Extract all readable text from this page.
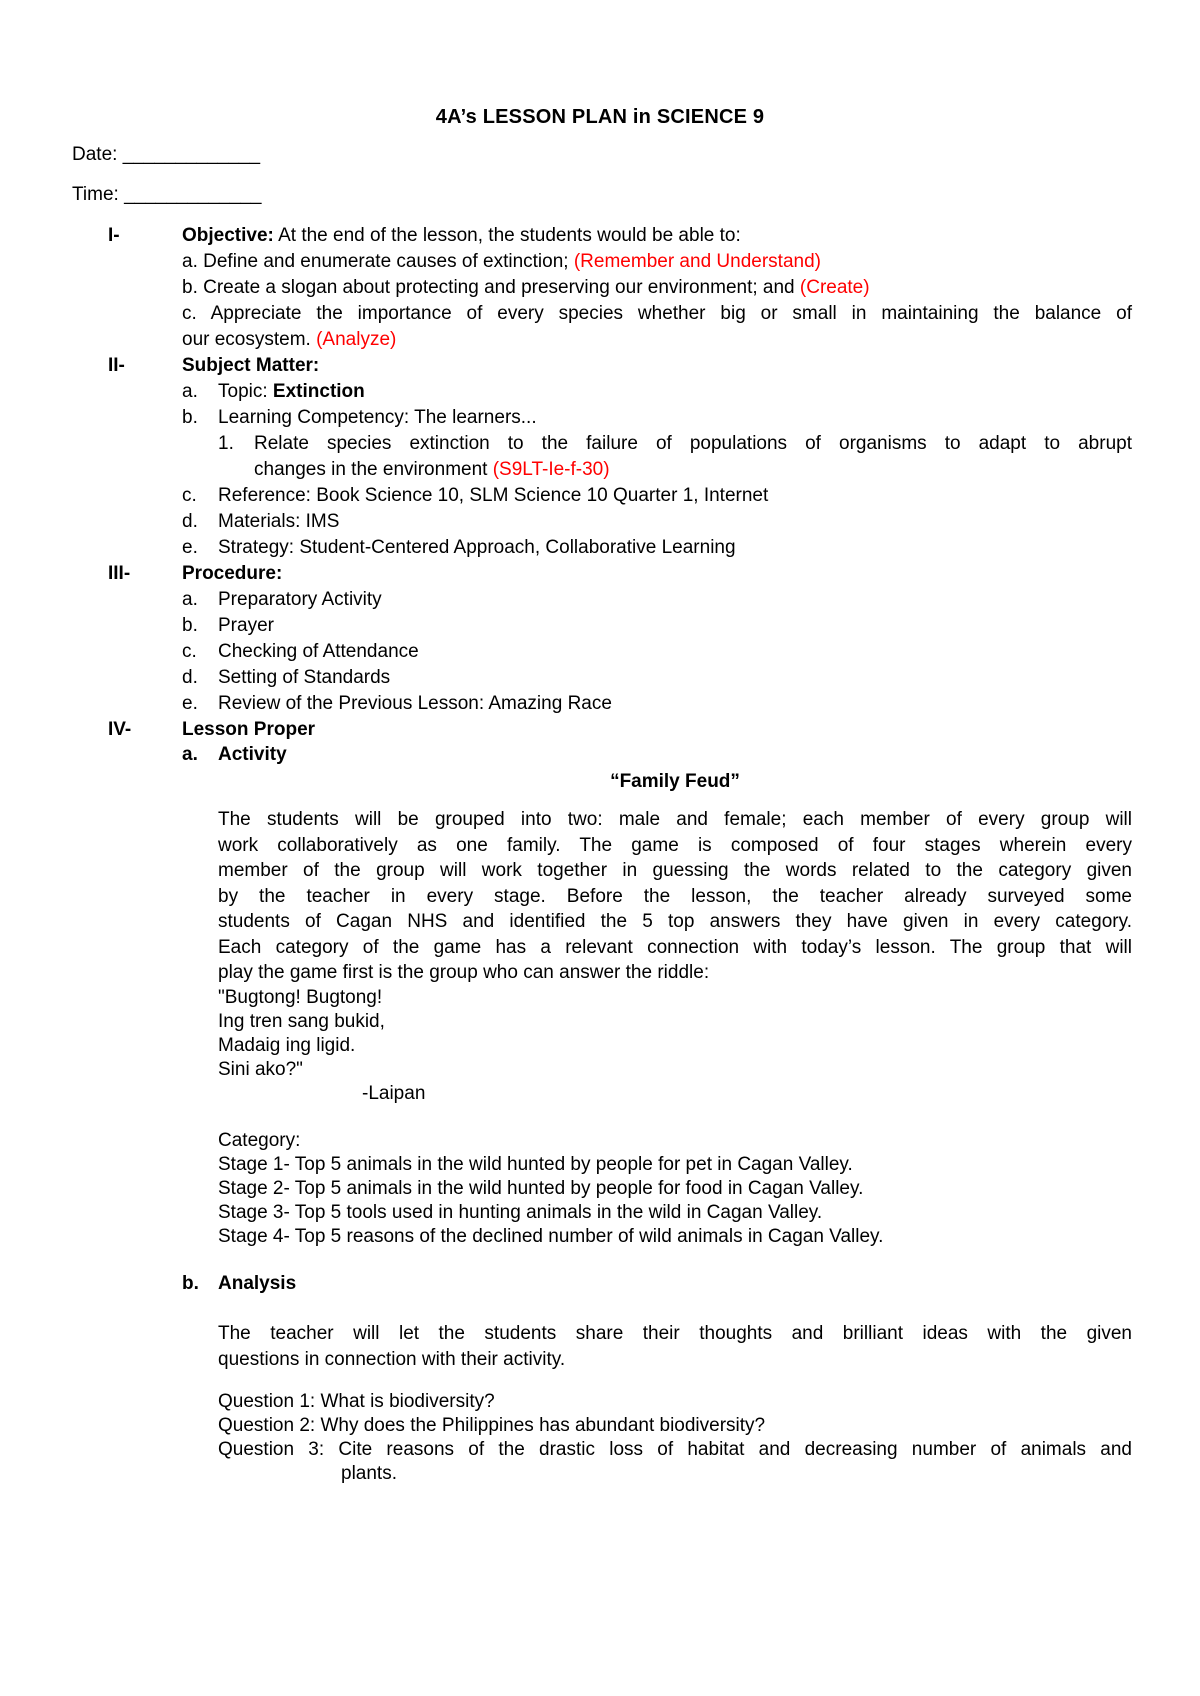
4A’s LESSON PLAN in SCIENCE 9
Date: _____________
Time: _____________
I-	Objective: At the end of the lesson, the students would be able to:
a. Define and enumerate causes of extinction; (Remember and Understand)
b. Create a slogan about protecting and preserving our environment; and (Create)
c. Appreciate the importance of every species whether big or small in maintaining the balance of
our ecosystem. (Analyze)
II-	Subject Matter:
a. Topic: Extinction
b. Learning Competency: The learners...
1. Relate species extinction to the failure of populations of organisms to adapt to abrupt
changes in the environment (S9LT-Ie-f-30)
c. Reference: Book Science 10, SLM Science 10 Quarter 1, Internet
d. Materials: IMS
e. Strategy: Student-Centered Approach, Collaborative Learning
III-	Procedure:
a. Preparatory Activity
b. Prayer
c. Checking of Attendance
d. Setting of Standards
e. Review of the Previous Lesson: Amazing Race
IV-	Lesson Proper
a. Activity
“Family Feud”
The students will be grouped into two: male and female; each member of every group will
work collaboratively as one family. The game is composed of four stages wherein every
member of the group will work together in guessing the words related to the category given
by the teacher in every stage. Before the lesson, the teacher already surveyed some
students of Cagan NHS and identified the 5 top answers they have given in every category.
Each category of the game has a relevant connection with today’s lesson. The group that will
play the game first is the group who can answer the riddle:
"Bugtong! Bugtong!
Ing tren sang bukid,
Madaig ing ligid.
Sini ako?"
-Laipan
Category:
Stage 1- Top 5 animals in the wild hunted by people for pet in Cagan Valley.
Stage 2- Top 5 animals in the wild hunted by people for food in Cagan Valley.
Stage 3- Top 5 tools used in hunting animals in the wild in Cagan Valley.
Stage 4- Top 5 reasons of the declined number of wild animals in Cagan Valley.
b. Analysis
The teacher will let the students share their thoughts and brilliant ideas with the given
questions in connection with their activity.
Question 1: What is biodiversity?
Question 2: Why does the Philippines has abundant biodiversity?
Question 3: Cite reasons of the drastic loss of habitat and decreasing number of animals and
plants.
